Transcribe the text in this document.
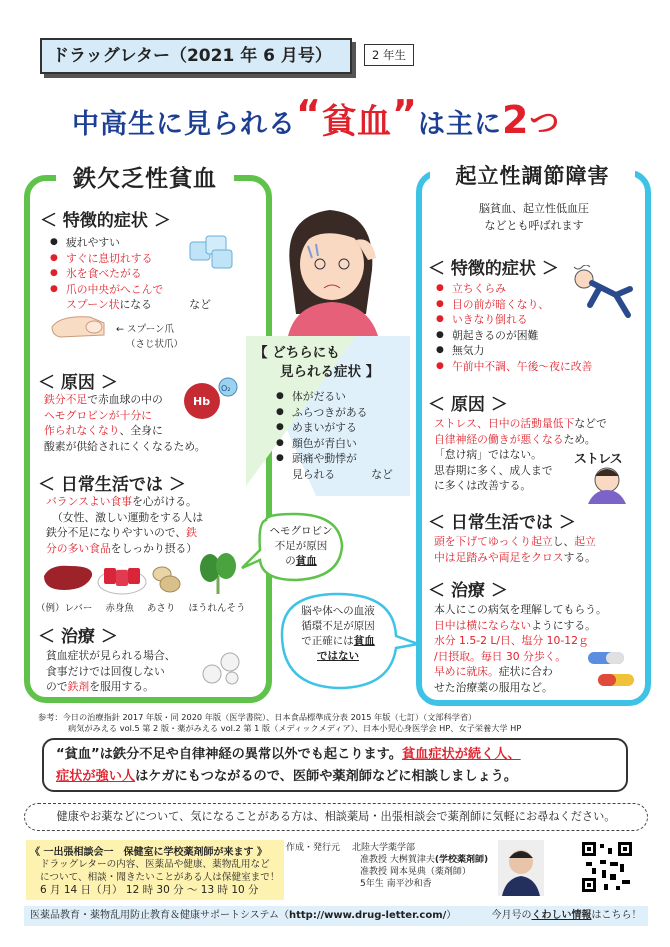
ドラッグレター（2021 年 6 月号）	2 年生
中高生に見られる“貧血”は主に2つ
鉄欠乏性貧血
＜ 特徴的症状 ＞
● 疲れやすい
● すぐに息切れする
● 氷を食べたがる
● 爪の中央がへこんで
スプーン状になる	など
← スプーン爪
（さじ状爪）
＜ 原因 ＞
Hb
O₂
鉄分不足で赤血球の中の
ヘモグロビンが十分に
作られなくなり、全身に
酸素が供給されにくくなるため。
＜ 日常生活では ＞
バランスよい食事を心がける。
（女性、激しい運動をする人は
鉄分不足になりやすいので、鉄
分の多い食品をしっかり摂る）
（例）レバー 赤身魚 あさり ほうれんそう
＜ 治療 ＞
貧血症状が見られる場合、
食事だけでは回復しない
ので鉄剤を服用する。
【 どちらにも
見られる症状 】
● 体がだるい
● ふらつきがある
● めまいがする
● 顔色が青白い
● 頭痛や動悸が
見られる	など
ヘモグロビン
不足が原因
の貧血
脳や体への血液
循環不足が原因
で正確には貧血
ではない
起立性調節障害
脳貧血、起立性低血圧
などとも呼ばれます
＜ 特徴的症状 ＞
● 立ちくらみ
● 目の前が暗くなり、
● いきなり倒れる
● 朝起きるのが困難
● 無気力
● 午前中不調、午後〜夜に改善
＜ 原因 ＞
ストレス、日中の活動量低下などで
自律神経の働きが悪くなるため。
「怠け病」ではない。
思春期に多く、成人まで
に多くは改善する。
ストレス
＜ 日常生活では ＞
頭を下げてゆっくり起立し、起立
中は足踏みや両足をクロスする。
＜ 治療 ＞
本人にこの病気を理解してもらう。
日中は横にならないようにする。
水分 1.5-2 L/日、塩分 10-12ｇ
/日摂取。毎日 30 分歩く。
早めに就床。症状に合わ
せた治療薬の服用など。
参考：今日の治療指針 2017 年版・同 2020 年版（医学書院）、日本食品標準成分表 2015 年版（七訂）（文部科学省）
病気がみえる vol.5 第 2 版・薬がみえる vol.2 第 1 版（メディックメディア）、日本小児心身医学会 HP、女子栄養大学 HP
“貧血”は鉄分不足や自律神経の異常以外でも起こります。貧血症状が続く人、
症状が強い人はケガにもつながるので、医師や薬剤師などに相談しましょう。
健康やお薬などについて、気になることがある方は、相談薬局・出張相談会で薬剤師に気軽にお尋ねください。
《 一出張相談会一　保健室に学校薬剤師が来ます 》
ドラッグレターの内容、医薬品や健康、薬物乱用など
について、相談・聞きたいことがある人は保健室まで！
6 月 14 日（月） 12 時 30 分 〜 13 時 10 分
作成・発行元 北陸大学薬学部
准教授 大桝賀津夫(学校薬剤師)
准教授 岡本晃典（薬剤師）
5年生 南平沙和香
医薬品教育・薬物乱用防止教育＆健康サポートシステム（http://www.drug-letter.com/）	今月号のくわしい情報はこちら！
